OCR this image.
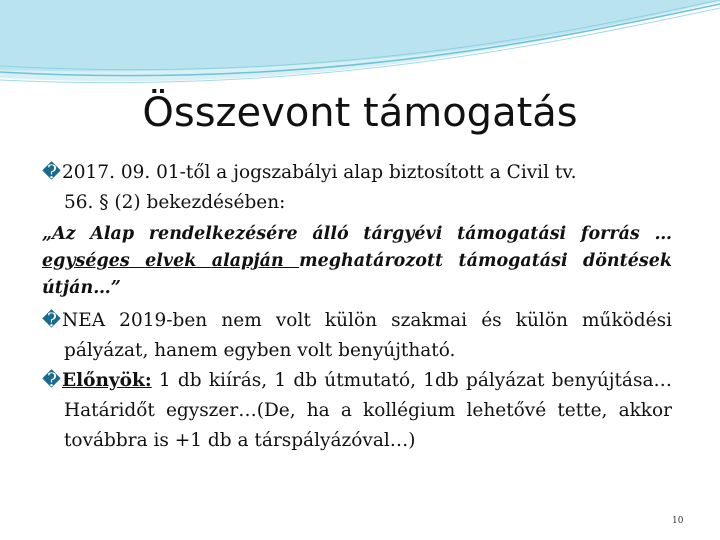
Összevont támogatás
�2017. 09. 01-től a jogszabályi alap biztosított a Civil tv.
56. § (2) bekezdésében:
„Az Alap rendelkezésére álló tárgyévi támogatási forrás …egységes elvek alapján meghatározott támogatási döntések útján…”
�NEA 2019-ben nem volt külön szakmai és külön működési pályázat, hanem egyben volt benyújtható.
�Előnyök: 1 db kiírás, 1 db útmutató, 1db pályázat benyújtása…Határidőt egyszer…(De, ha a kollégium lehetővé tette, akkor továbbra is +1 db a társpályázóval…)
10
